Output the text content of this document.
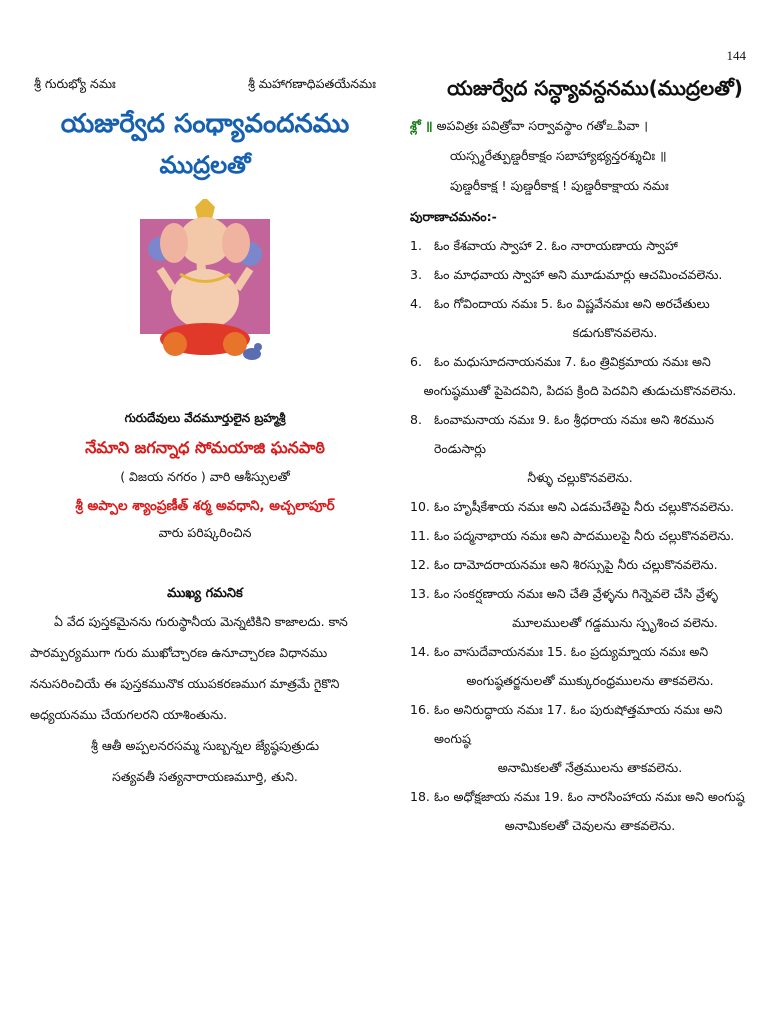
144
శ్రీ గురుభ్యో నమః	శ్రీ మహాగణాధిపతయేనమః
యజుర్వేద సంధ్యావందనము
ముద్రలతో
గురుదేవులు వేదమూర్తులైన బ్రహ్మశ్రీ
నేమాని జగన్నాధ సోమయాజి ఘనపాఠి
( విజయ నగరం ) వారి ఆశీస్సులతో
శ్రీ అప్పాల శ్యాంప్రణీత్ శర్మ అవధాని, అచ్చలాపూర్
వారు పరిష్కరించిన
ముఖ్య గమనిక
ఏ వేద పుస్తకమైనను గురుస్థానీయ మెన్నటికిని కాజాలదు. కాన
పారమ్పర్యముగా గురు ముఖోచ్చారణ ఉనూచ్చారణ విధానము
ననుసరించియే ఈ పుస్తకమునొక యుపకరణముగ మాత్రమే గైకొని
అధ్యయనము చేయగలరని యాశింతును.
శ్రీ ఆతీ అప్పలనరసమ్మ సుబ్బన్నల జ్యేష్ఠపుత్రుడు
సత్యవతీ సత్యనారాయణమూర్తి, తుని.
యజుర్వేద సన్ధ్యావన్దనము(ముద్రలతో)
శ్లో ॥ అపవిత్రః పవిత్రోవా సర్వావస్థాం గతోஉపివా ।
యస్స్మరేత్పుణ్డరీకాక్షం సబాహ్యాభ్యన్తరశ్శుచిః ॥
పుణ్డరీకాక్ష ! పుణ్డరీకాక్ష ! పుణ్డరీకాక్షాయ నమః
పురాణాచమనం:-
1. ఓం కేశవాయ స్వాహా 2. ఓం నారాయణాయ స్వాహా
3. ఓం మాధవాయ స్వాహా అని మూడుమార్లు ఆచమించవలెను.
4. ఓం గోవిందాయ నమః 5. ఓం విష్ణవేనమః అని అరచేతులు
కడుగుకొనవలెను.
6. ఓం మధుసూదనాయనమః 7. ఓం త్రివిక్రమాయ నమః అని
అంగుష్ఠముతో పైపెదవిని, పిదప క్రింది పెదవిని తుడుచుకొనవలెను.
8. ఓంవామనాయ నమః 9. ఓం శ్రీధరాయ నమః అని శిరమున రెండుసార్లు
నీళ్ళు చల్లుకొనవలెను.
10. ఓం హృషీకేశాయ నమః అని ఎడమచేతిపై నీరు చల్లుకొనవలెను.
11. ఓం పద్మనాభాయ నమః అని పాదములపై నీరు చల్లుకొనవలెను.
12. ఓం దామోదరాయనమః అని శిరస్సుపై నీరు చల్లుకొనవలెను.
13. ఓం సంకర్షణాయ నమః అని చేతి వ్రేళ్ళను గిన్నెవలె చేసి వ్రేళ్ళ
మూలములతో గడ్డమును స్పృశించ వలెను.
14. ఓం వాసుదేవాయనమః 15. ఓం ప్రద్యుమ్నాయ నమః అని
అంగుష్ఠతర్జనులతో ముక్కురంధ్రములను తాకవలెను.
16. ఓం అనిరుద్ధాయ నమః 17. ఓం పురుషోత్తమాయ నమః అని అంగుష్ఠ
అనామికలతో నేత్రములను తాకవలెను.
18. ఓం అధోక్షజాయ నమః 19. ఓం నారసింహాయ నమః అని అంగుష్ఠ
అనామికలతో చెవులను తాకవలెను.
